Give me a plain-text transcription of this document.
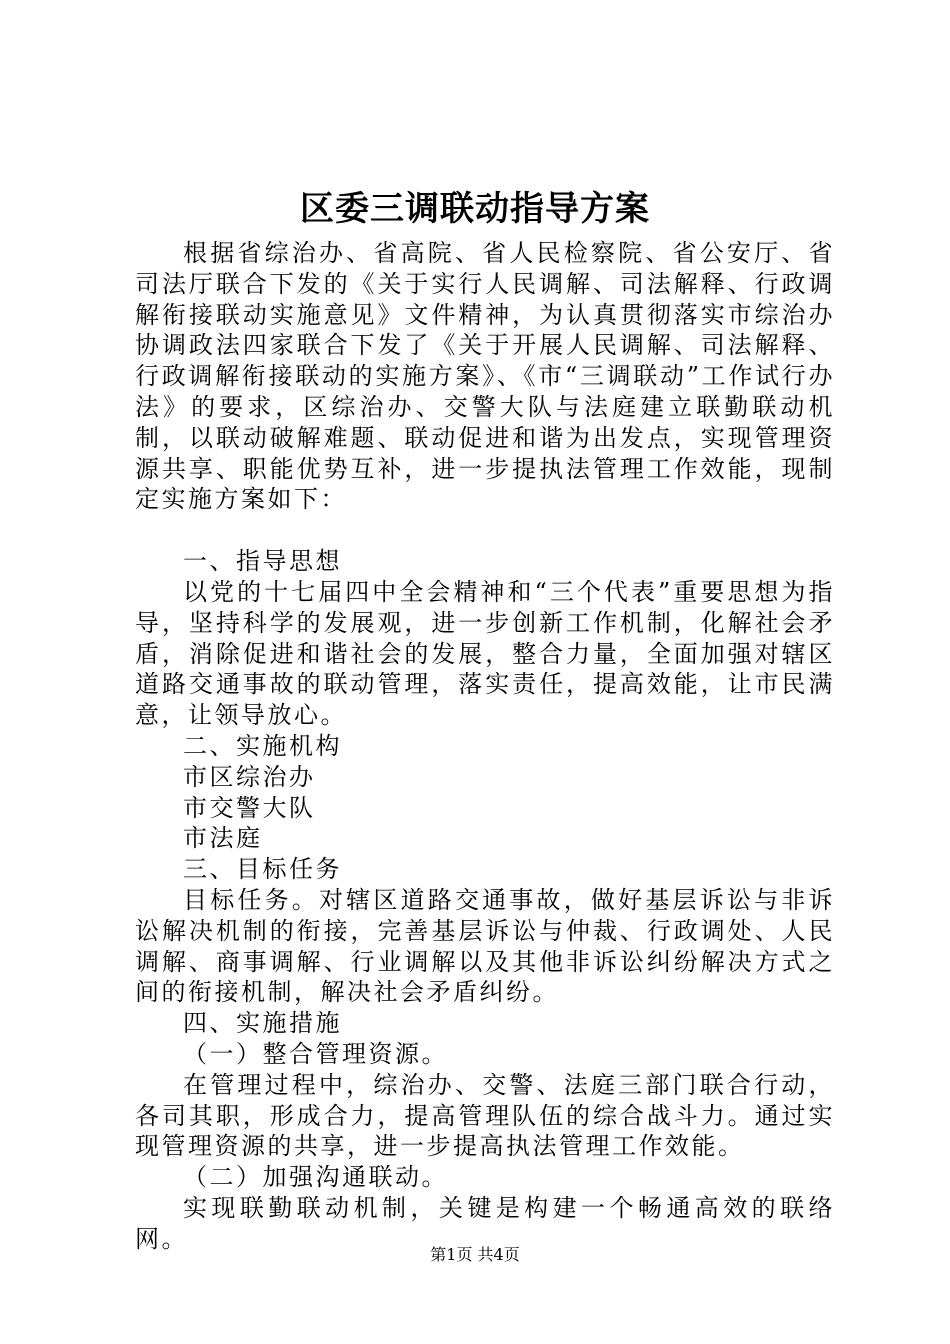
区委三调联动指导方案

根据省综治办、省高院、省人民检察院、省公安厅、省司法厅联合下发的《关于实行人民调解、司法解释、行政调解衔接联动实施意见》文件精神，为认真贯彻落实市综治办协调政法四家联合下发了《关于开展人民调解、司法解释、行政调解衔接联动的实施方案》、《市“三调联动”工作试行办法》的要求，区综治办、交警大队与法庭建立联勤联动机制，以联动破解难题、联动促进和谐为出发点，实现管理资源共享、职能优势互补，进一步提执法管理工作效能，现制定实施方案如下：

一、指导思想

以党的十七届四中全会精神和“三个代表”重要思想为指导，坚持科学的发展观，进一步创新工作机制，化解社会矛盾，消除促进和谐社会的发展，整合力量，全面加强对辖区道路交通事故的联动管理，落实责任，提高效能，让市民满意，让领导放心。

二、实施机构

市区综治办

市交警大队

市法庭

三、目标任务

目标任务。对辖区道路交通事故，做好基层诉讼与非诉讼解决机制的衔接，完善基层诉讼与仲裁、行政调处、人民调解、商事调解、行业调解以及其他非诉讼纠纷解决方式之间的衔接机制，解决社会矛盾纠纷。

四、实施措施

（一）整合管理资源。

在管理过程中，综治办、交警、法庭三部门联合行动，各司其职，形成合力，提高管理队伍的综合战斗力。通过实现管理资源的共享，进一步提高执法管理工作效能。

（二）加强沟通联动。

实现联勤联动机制，关键是构建一个畅通高效的联络网。

第1页 共4页
